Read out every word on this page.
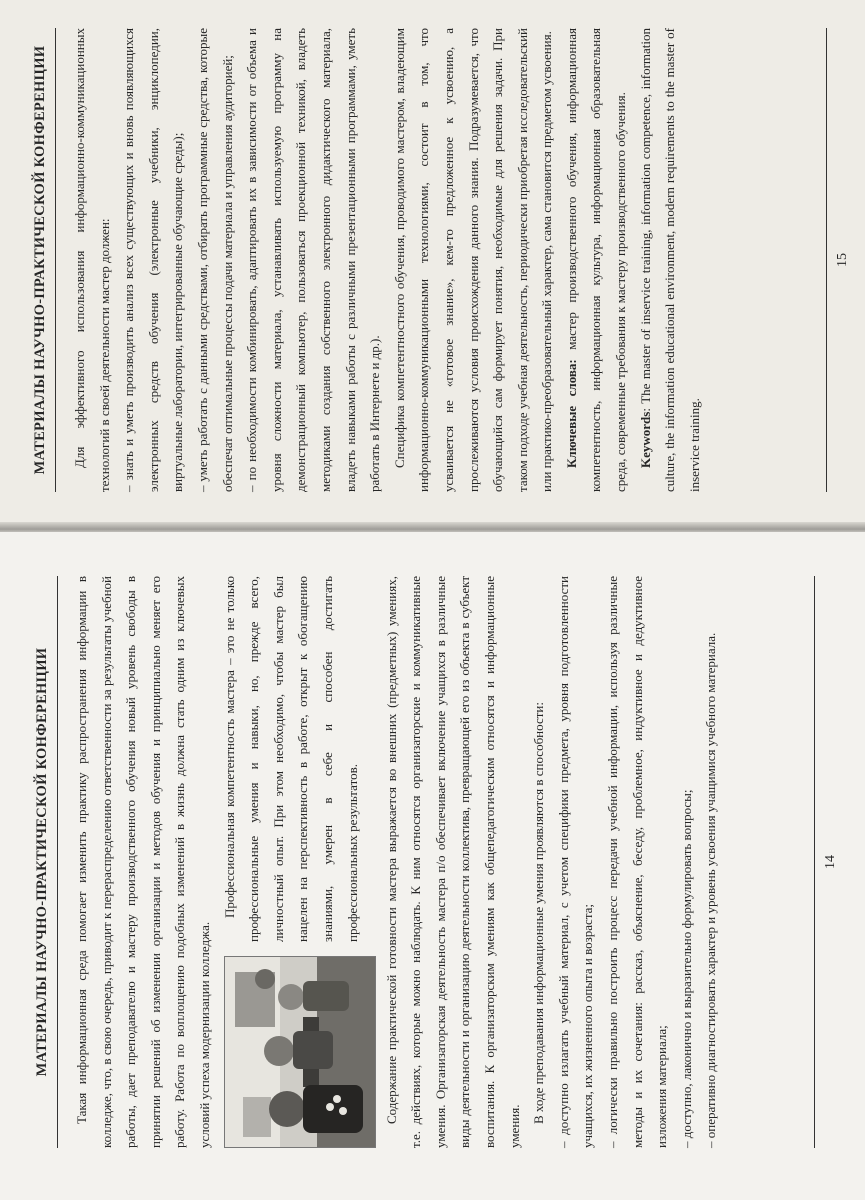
МАТЕРИАЛЫ НАУЧНО-ПРАКТИЧЕСКОЙ КОНФЕРЕНЦИИ	Для эффективного использования информационно-коммуникационных технологий в своей деятельности мастер должен: – знать и уметь производить анализ всех существующих и вновь появляющихся электронных средств обучения (электронные учебники, энциклопедии, виртуальные лаборатории, интегрированные обучающие среды); – уметь работать с данными средствами, отбирать программные средства, которые обеспечат оптимальные процессы подачи материала и управления аудиторией; – по необходимости комбинировать, адаптировать их в зависимости от объема и уровня сложности материала, устанавливать используемую программу на демонстрационный компьютер, пользоваться проекционной техникой, владеть методиками создания собственного электронного дидактического материала, владеть навыками работы с различными презентационными программами, уметь работать в Интернете и др.). Специфика компетентностного обучения, проводимого мастером, владеющим информационно-коммуникационными технологиями, состоит в том, что усваивается не «готовое знание», кем-то предложенное к усвоению, а прослеживаются условия происхождения данного знания. Подразумевается, что обучающийся сам формирует понятия, необходимые для решения задачи. При таком подходе учебная деятельность, периодически приобретая исследовательский или практико-преобразовательный характер, сама становится предметом усвоения. Ключевые слова: мастер производственного обучения, информационная компетентность, информационная культура, информационная образовательная среда, современные требования к мастеру производственного обучения. Keywords: The master of inservice training, information competence, information culture, the information educational environment, modern requirements to the master of inservice training.

15
МАТЕРИАЛЫ НАУЧНО-ПРАКТИЧЕСКОЙ КОНФЕРЕНЦИИ	Такая информационная среда помогает изменить практику распространения информации в колледже, что, в свою очередь, приводит к перераспределению ответственности за результаты учебной работы, дает преподавателю и мастеру производственного обучения новый уровень свободы в принятии решений об изменении организации и методов обучения и принципиально меняет его работу. Работа по воплощению подобных изменений в жизнь должна стать одним из ключевых условий успеха модернизации колледжа.

Профессиональная компетентность мастера – это не только профессиональные умения и навыки, но, прежде всего, личностный опыт. При этом необходимо, чтобы мастер был нацелен на перспективность в работе, открыт к обогащению знаниями, умерен в себе и способен достигать профессиональных результатов.	Содержание практической готовности мастера выражается во внешних (предметных) умениях, т.е. действиях, которые можно наблюдать. К ним относятся организаторские и коммуникативные умения. Организаторская деятельность мастера п/о обеспечивает включение учащихся в различные виды деятельности и организацию деятельности коллектива, превращающей его из объекта в субъект воспитания. К организаторским умениям как общепедагогическим относятся и информационные умения.

В ходе преподавания информационные умения проявляются в способности: – доступно излагать учебный материал, с учетом специфики предмета, уровня подготовленности учащихся, их жизненного опыта и возраста; – логически правильно построить процесс передачи учебной информации, используя различные методы и их сочетания: рассказ, объяснение, беседу, проблемное, индуктивное и дедуктивное изложения материала; – доступно, лаконично и выразительно формулировать вопросы; – оперативно диагностировать характер и уровень усвоения учащимися учебного материала.	14
